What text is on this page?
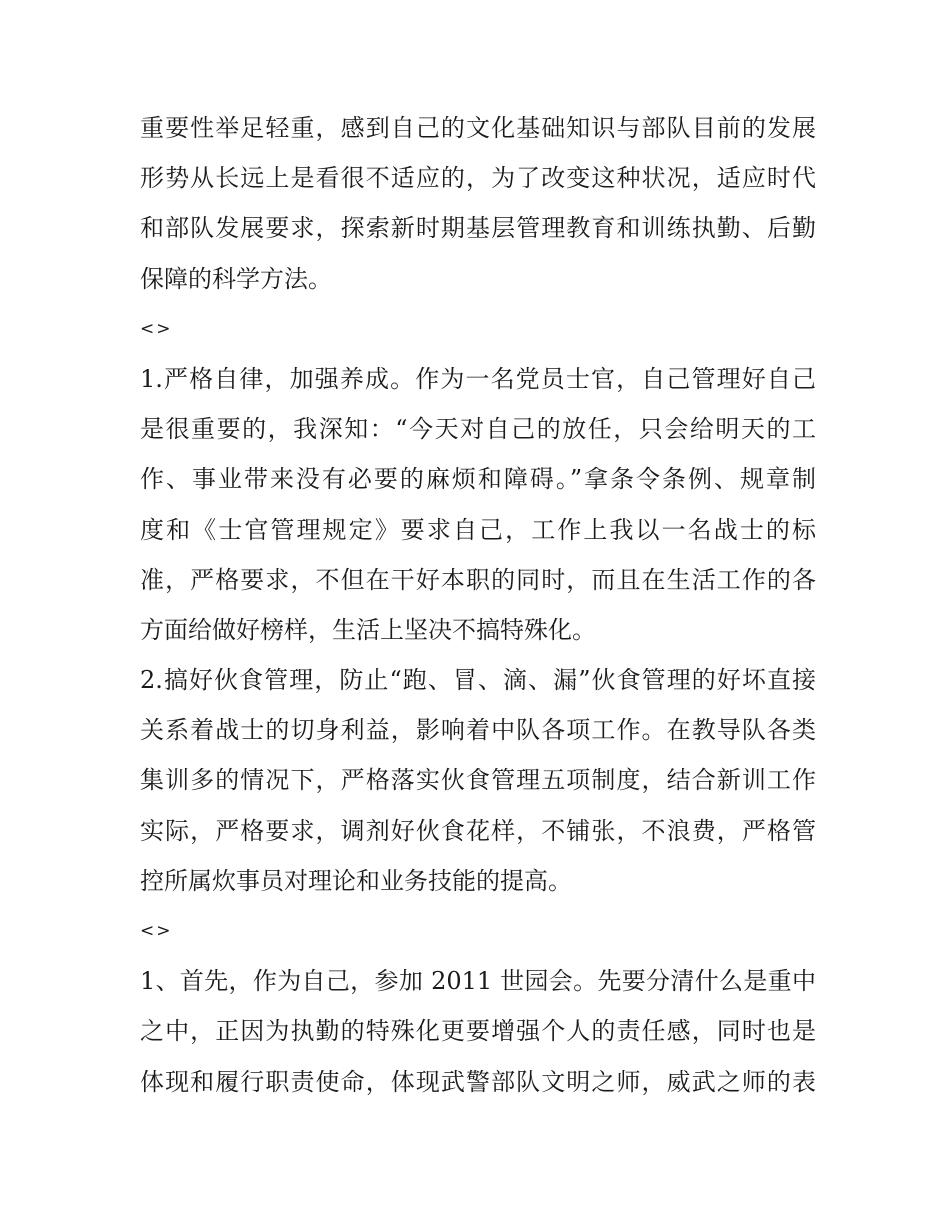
重要性举足轻重，感到自己的文化基础知识与部队目前的发展
形势从长远上是看很不适应的，为了改变这种状况，适应时代
和部队发展要求，探索新时期基层管理教育和训练执勤、后勤
保障的科学方法。
<>
1.严格自律，加强养成。作为一名党员士官，自己管理好自己
是很重要的，我深知：“今天对自己的放任，只会给明天的工
作、事业带来没有必要的麻烦和障碍。”拿条令条例、规章制
度和《士官管理规定》要求自己，工作上我以一名战士的标
准，严格要求，不但在干好本职的同时，而且在生活工作的各
方面给做好榜样，生活上坚决不搞特殊化。
2.搞好伙食管理，防止“跑、冒、滴、漏”伙食管理的好坏直接
关系着战士的切身利益，影响着中队各项工作。在教导队各类
集训多的情况下，严格落实伙食管理五项制度，结合新训工作
实际，严格要求，调剂好伙食花样，不铺张，不浪费，严格管
控所属炊事员对理论和业务技能的提高。
<>
1、首先，作为自己，参加 2011 世园会。先要分清什么是重中
之中，正因为执勤的特殊化更要增强个人的责任感，同时也是
体现和履行职责使命，体现武警部队文明之师，威武之师的表
